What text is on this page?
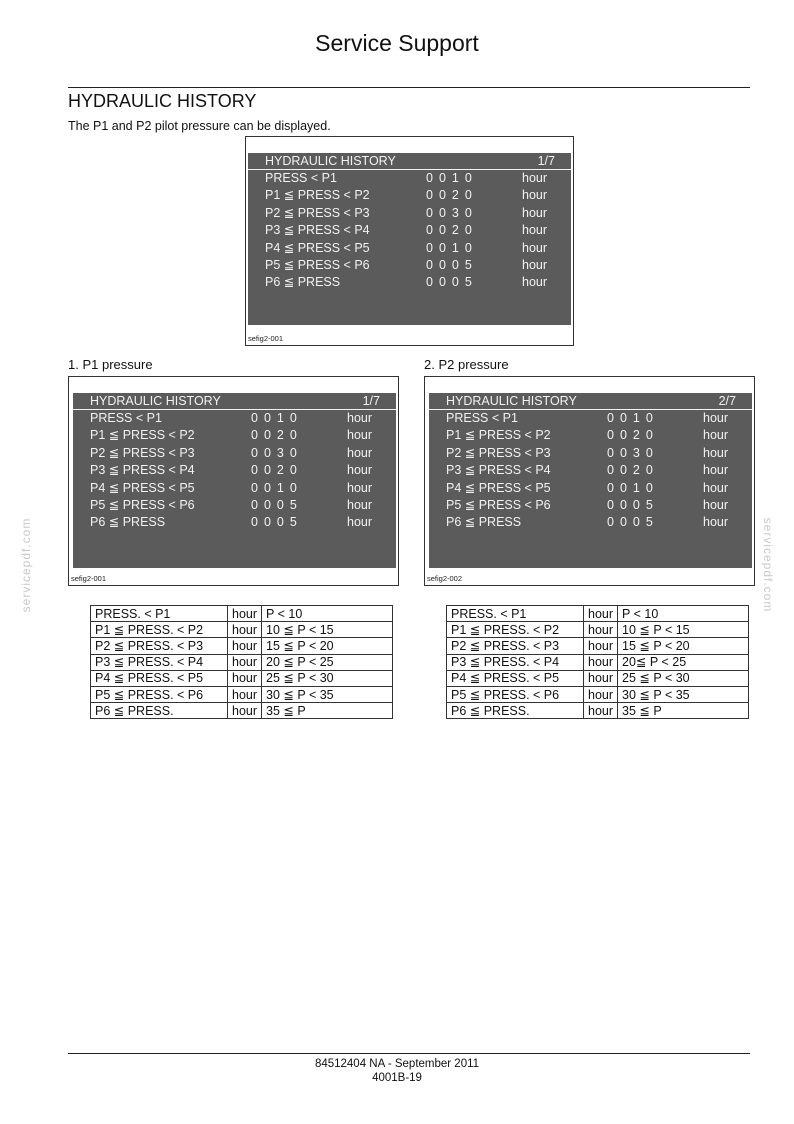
Service Support
HYDRAULIC HISTORY
The P1 and P2 pilot pressure can be displayed.
HYDRAULIC HISTORY	1/7
PRESS < P1	0010	hour
P1 ≦ PRESS < P2	0020	hour
P2 ≦ PRESS < P3	0030	hour
P3 ≦ PRESS < P4	0020	hour
P4 ≦ PRESS < P5	0010	hour
P5 ≦ PRESS < P6	0005	hour
P6 ≦ PRESS	0005	hour
sefig2-001
1. P1 pressure	2. P2 pressure
HYDRAULIC HISTORY	1/7
PRESS < P1	0010	hour
P1 ≦ PRESS < P2	0020	hour
P2 ≦ PRESS < P3	0030	hour
P3 ≦ PRESS < P4	0020	hour
P4 ≦ PRESS < P5	0010	hour
P5 ≦ PRESS < P6	0005	hour
P6 ≦ PRESS	0005	hour
sefig2-001
HYDRAULIC HISTORY	2/7
PRESS < P1	0010	hour
P1 ≦ PRESS < P2	0020	hour
P2 ≦ PRESS < P3	0030	hour
P3 ≦ PRESS < P4	0020	hour
P4 ≦ PRESS < P5	0010	hour
P5 ≦ PRESS < P6	0005	hour
P6 ≦ PRESS	0005	hour
sefig2-002
PRESS. < P1	hour	P < 10
P1 ≦ PRESS. < P2	hour	10 ≦ P < 15
P2 ≦ PRESS. < P3	hour	15 ≦ P < 20
P3 ≦ PRESS. < P4	hour	20 ≦ P < 25
P4 ≦ PRESS. < P5	hour	25 ≦ P < 30
P5 ≦ PRESS. < P6	hour	30 ≦ P < 35
P6 ≦ PRESS.	hour	35 ≦ P
PRESS. < P1	hour	P < 10
P1 ≦ PRESS. < P2	hour	10 ≦ P < 15
P2 ≦ PRESS. < P3	hour	15 ≦ P < 20
P3 ≦ PRESS. < P4	hour	20≦ P < 25
P4 ≦ PRESS. < P5	hour	25 ≦ P < 30
P5 ≦ PRESS. < P6	hour	30 ≦ P < 35
P6 ≦ PRESS.	hour	35 ≦ P
servicepdf.com	servicepdf.com
84512404 NA - September 2011
4001B-19
